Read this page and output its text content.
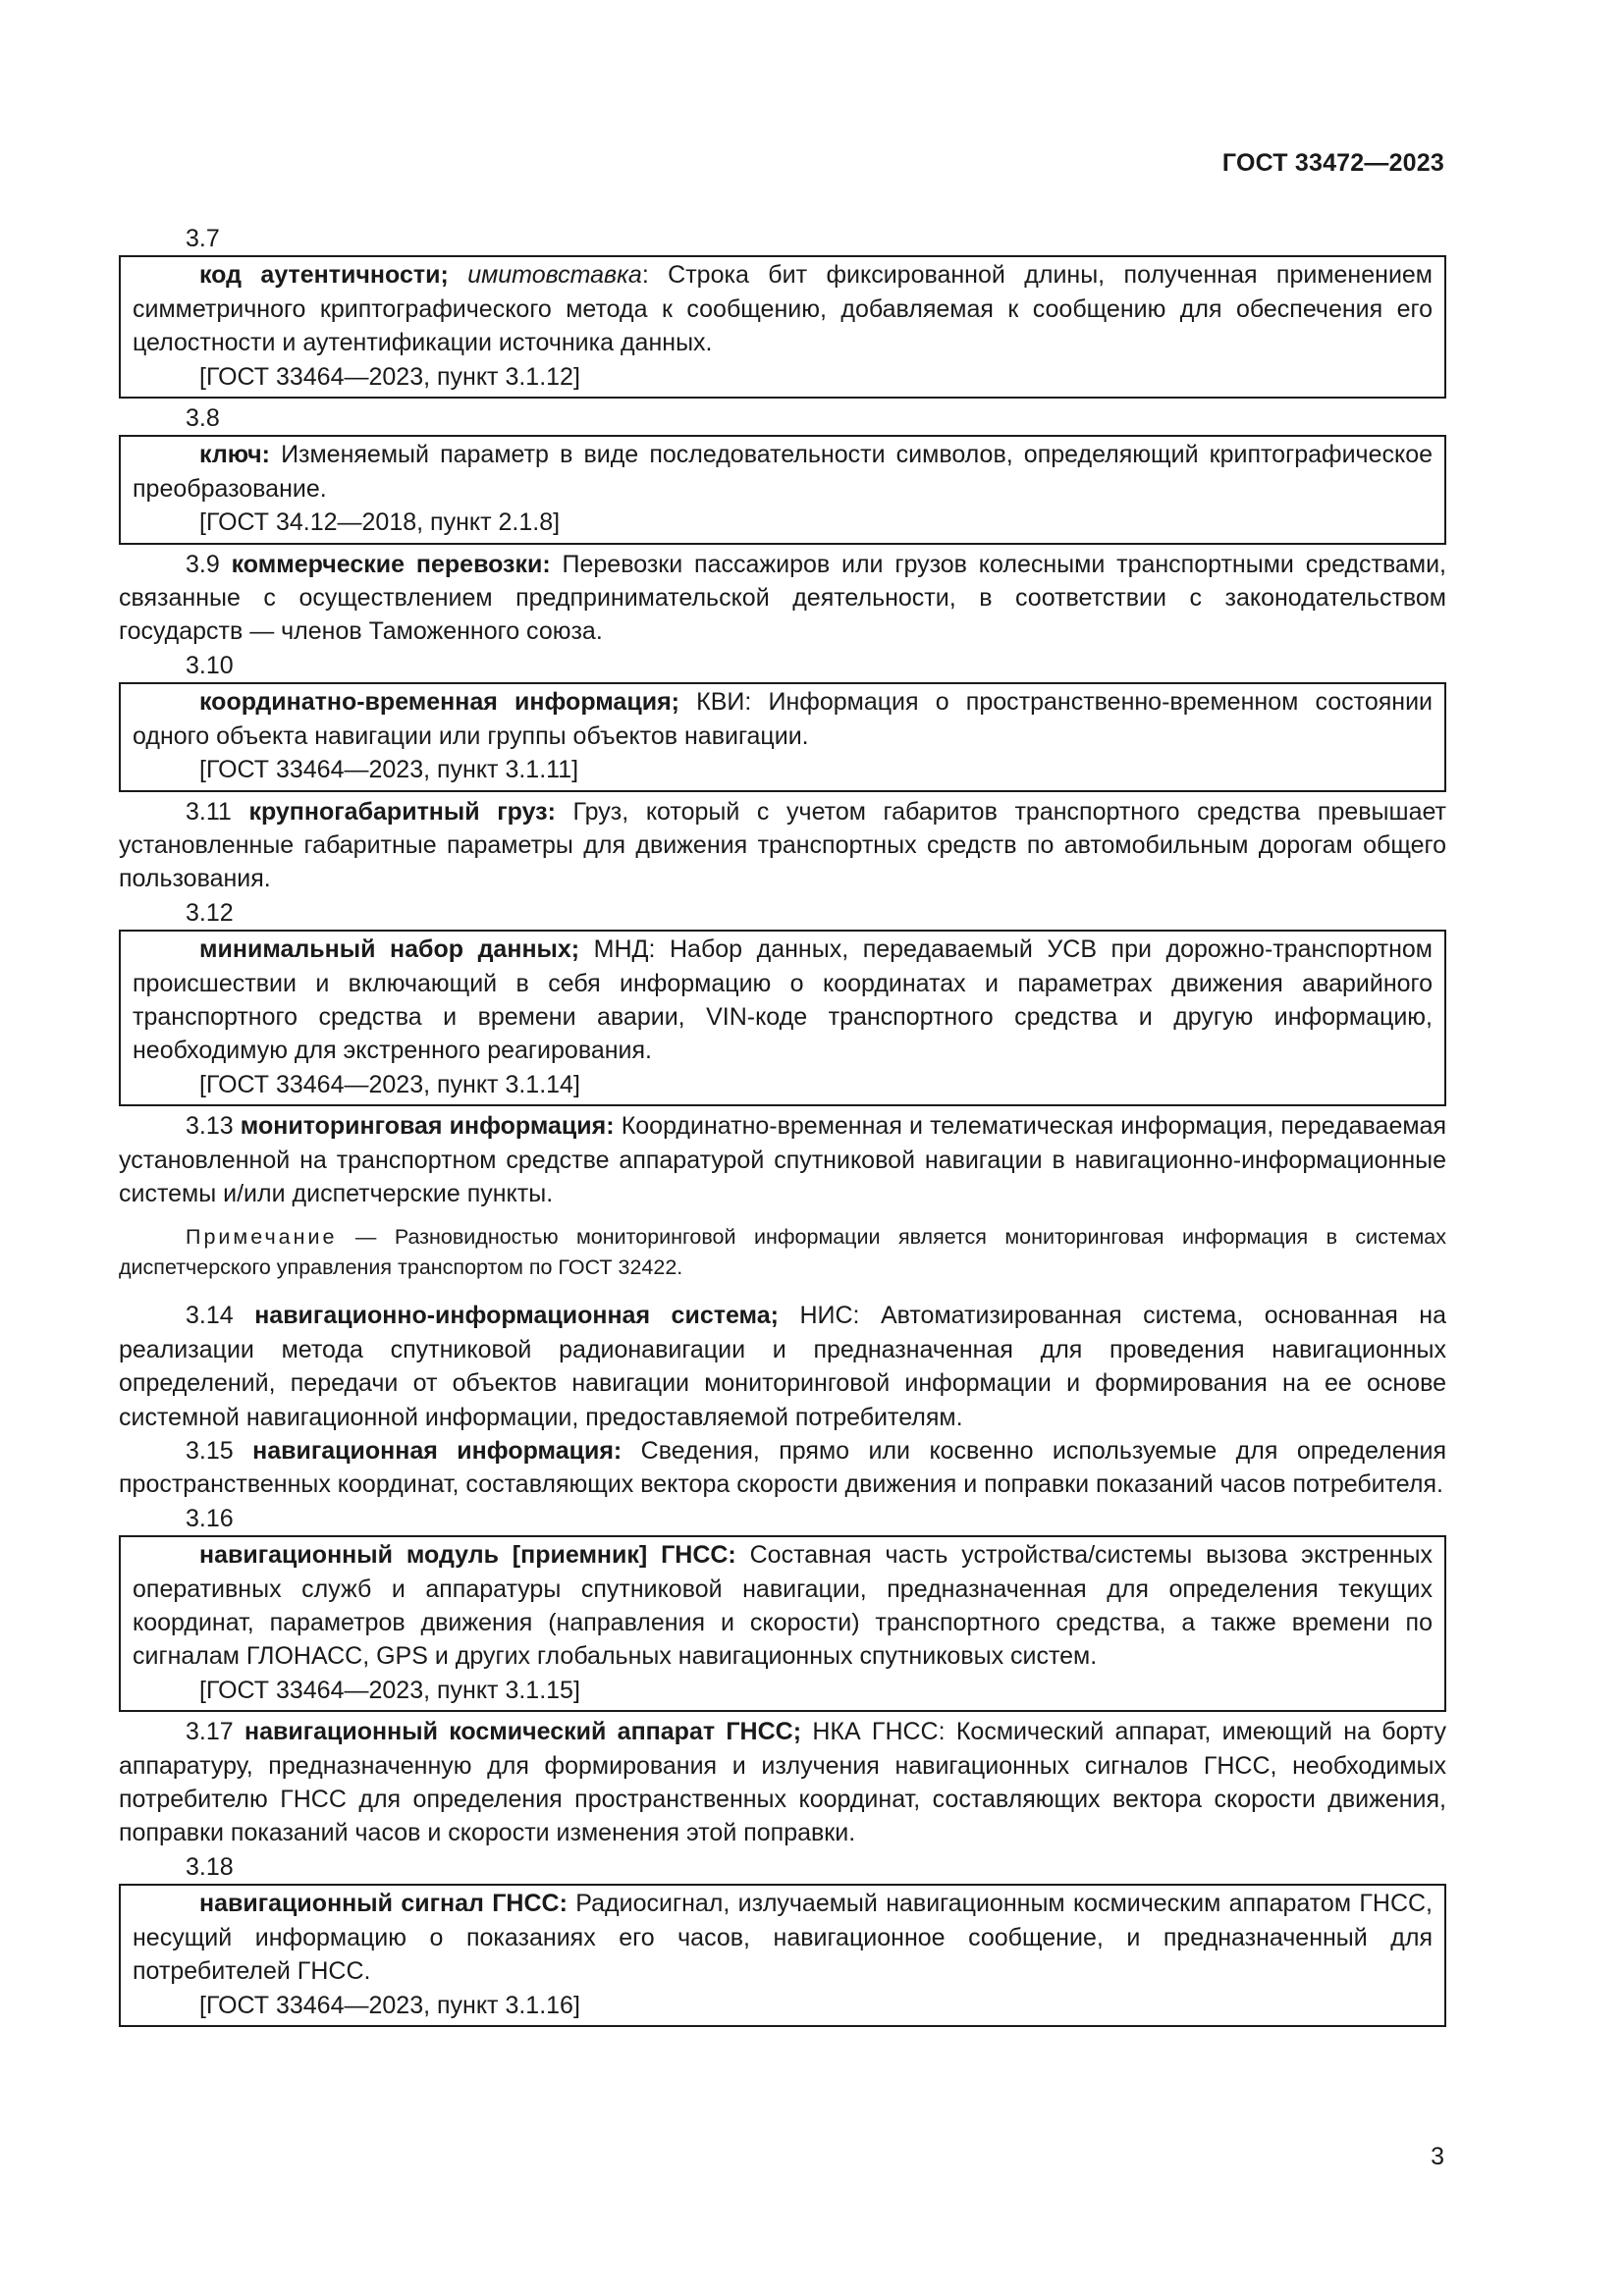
ГОСТ 33472—2023
3.7

код аутентичности; имитовставка: Строка бит фиксированной длины, полученная применением симметричного криптографического метода к сообщению, добавляемая к сообщению для обеспечения его целостности и аутентификации источника данных.

[ГОСТ 33464—2023, пункт 3.1.12]
3.8

ключ: Изменяемый параметр в виде последовательности символов, определяющий криптографическое преобразование.

[ГОСТ 34.12—2018, пункт 2.1.8]

3.9 коммерческие перевозки: Перевозки пассажиров или грузов колесными транспортными средствами, связанные с осуществлением предпринимательской деятельности, в соответствии с законодательством государств — членов Таможенного союза.

3.10

координатно-временная информация; КВИ: Информация о пространственно-временном состоянии одного объекта навигации или группы объектов навигации.

[ГОСТ 33464—2023, пункт 3.1.11]

3.11 крупногабаритный груз: Груз, который с учетом габаритов транспортного средства превышает установленные габаритные параметры для движения транспортных средств по автомобильным дорогам общего пользования.

3.12

минимальный набор данных; МНД: Набор данных, передаваемый УСВ при дорожно-транспортном происшествии и включающий в себя информацию о координатах и параметрах движения аварийного транспортного средства и времени аварии, VIN-коде транспортного средства и другую информацию, необходимую для экстренного реагирования.

[ГОСТ 33464—2023, пункт 3.1.14]

3.13 мониторинговая информация: Координатно-временная и телематическая информация, передаваемая установленной на транспортном средстве аппаратурой спутниковой навигации в навигационно-информационные системы и/или диспетчерские пункты.

Примечание — Разновидностью мониторинговой информации является мониторинговая информация в системах диспетчерского управления транспортом по ГОСТ 32422.

3.14 навигационно-информационная система; НИС: Автоматизированная система, основанная на реализации метода спутниковой радионавигации и предназначенная для проведения навигационных определений, передачи от объектов навигации мониторинговой информации и формирования на ее основе системной навигационной информации, предоставляемой потребителям.

3.15 навигационная информация: Сведения, прямо или косвенно используемые для определения пространственных координат, составляющих вектора скорости движения и поправки показаний часов потребителя.

3.16

навигационный модуль [приемник] ГНСС: Составная часть устройства/системы вызова экстренных оперативных служб и аппаратуры спутниковой навигации, предназначенная для определения текущих координат, параметров движения (направления и скорости) транспортного средства, а также времени по сигналам ГЛОНАСС, GPS и других глобальных навигационных спутниковых систем.

[ГОСТ 33464—2023, пункт 3.1.15]

3.17 навигационный космический аппарат ГНСС; НКА ГНСС: Космический аппарат, имеющий на борту аппаратуру, предназначенную для формирования и излучения навигационных сигналов ГНСС, необходимых потребителю ГНСС для определения пространственных координат, составляющих вектора скорости движения, поправки показаний часов и скорости изменения этой поправки.

3.18

навигационный сигнал ГНСС: Радиосигнал, излучаемый навигационным космическим аппаратом ГНСС, несущий информацию о показаниях его часов, навигационное сообщение, и предназначенный для потребителей ГНСС.

[ГОСТ 33464—2023, пункт 3.1.16]
3
